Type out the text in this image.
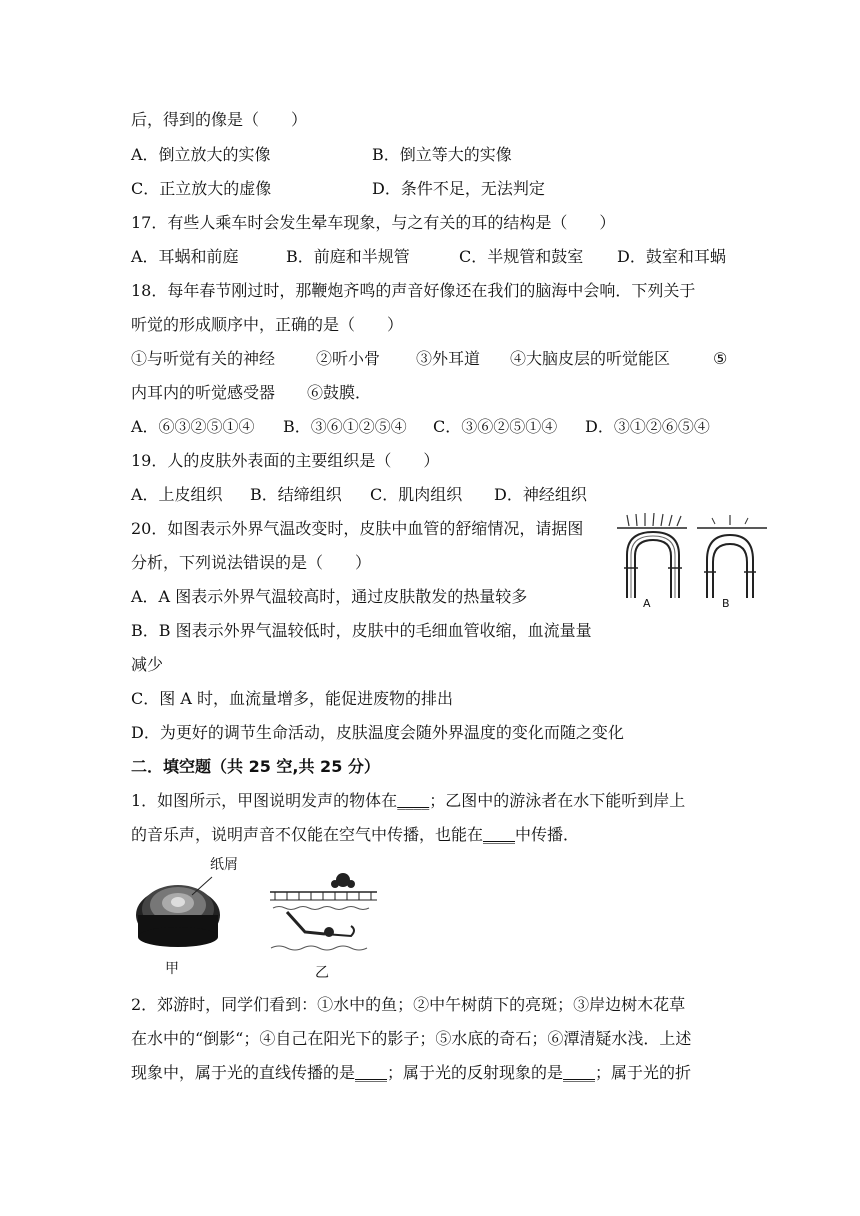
后，得到的像是（　　）
A．倒立放大的实像	B．倒立等大的实像
C．正立放大的虚像	D．条件不足，无法判定
17．有些人乘车时会发生晕车现象，与之有关的耳的结构是（　　）
A．耳蜗和前庭	B．前庭和半规管	C．半规管和鼓室 D．鼓室和耳蜗
18．每年春节刚过时，那鞭炮齐鸣的声音好像还在我们的脑海中会响．下列关于
听觉的形成顺序中，正确的是（　　）
①与听觉有关的神经	②听小骨 ③外耳道 ④大脑皮层的听觉能区	⑤
内耳内的听觉感受器　　⑥鼓膜．
A．⑥③②⑤①④ B．③⑥①②⑤④ C．③⑥②⑤①④ D．③①②⑥⑤④
19．人的皮肤外表面的主要组织是（　　）
A．上皮组织 B．结缔组织 C．肌肉组织 D．神经组织
20．如图表示外界气温改变时，皮肤中血管的舒缩情况，请据图
分析，下列说法错误的是（　　）
A．A 图表示外界气温较高时，通过皮肤散发的热量较多
B．B 图表示外界气温较低时，皮肤中的毛细血管收缩，血流量量
减少
C．图 A 时，血流量增多，能促进废物的排出
D．为更好的调节生命活动，皮肤温度会随外界温度的变化而随之变化
A	B
二．填空题（共 25 空,共 25 分）
1．如图所示，甲图说明发声的物体在____；乙图中的游泳者在水下能听到岸上
的音乐声，说明声音不仅能在空气中传播，也能在____中传播．
纸屑
甲	乙
2．郊游时，同学们看到：①水中的鱼；②中午树荫下的亮斑；③岸边树木花草
在水中的“倒影“；④自己在阳光下的影子；⑤水底的奇石；⑥潭清疑水浅．上述
现象中，属于光的直线传播的是____；属于光的反射现象的是____；属于光的折
